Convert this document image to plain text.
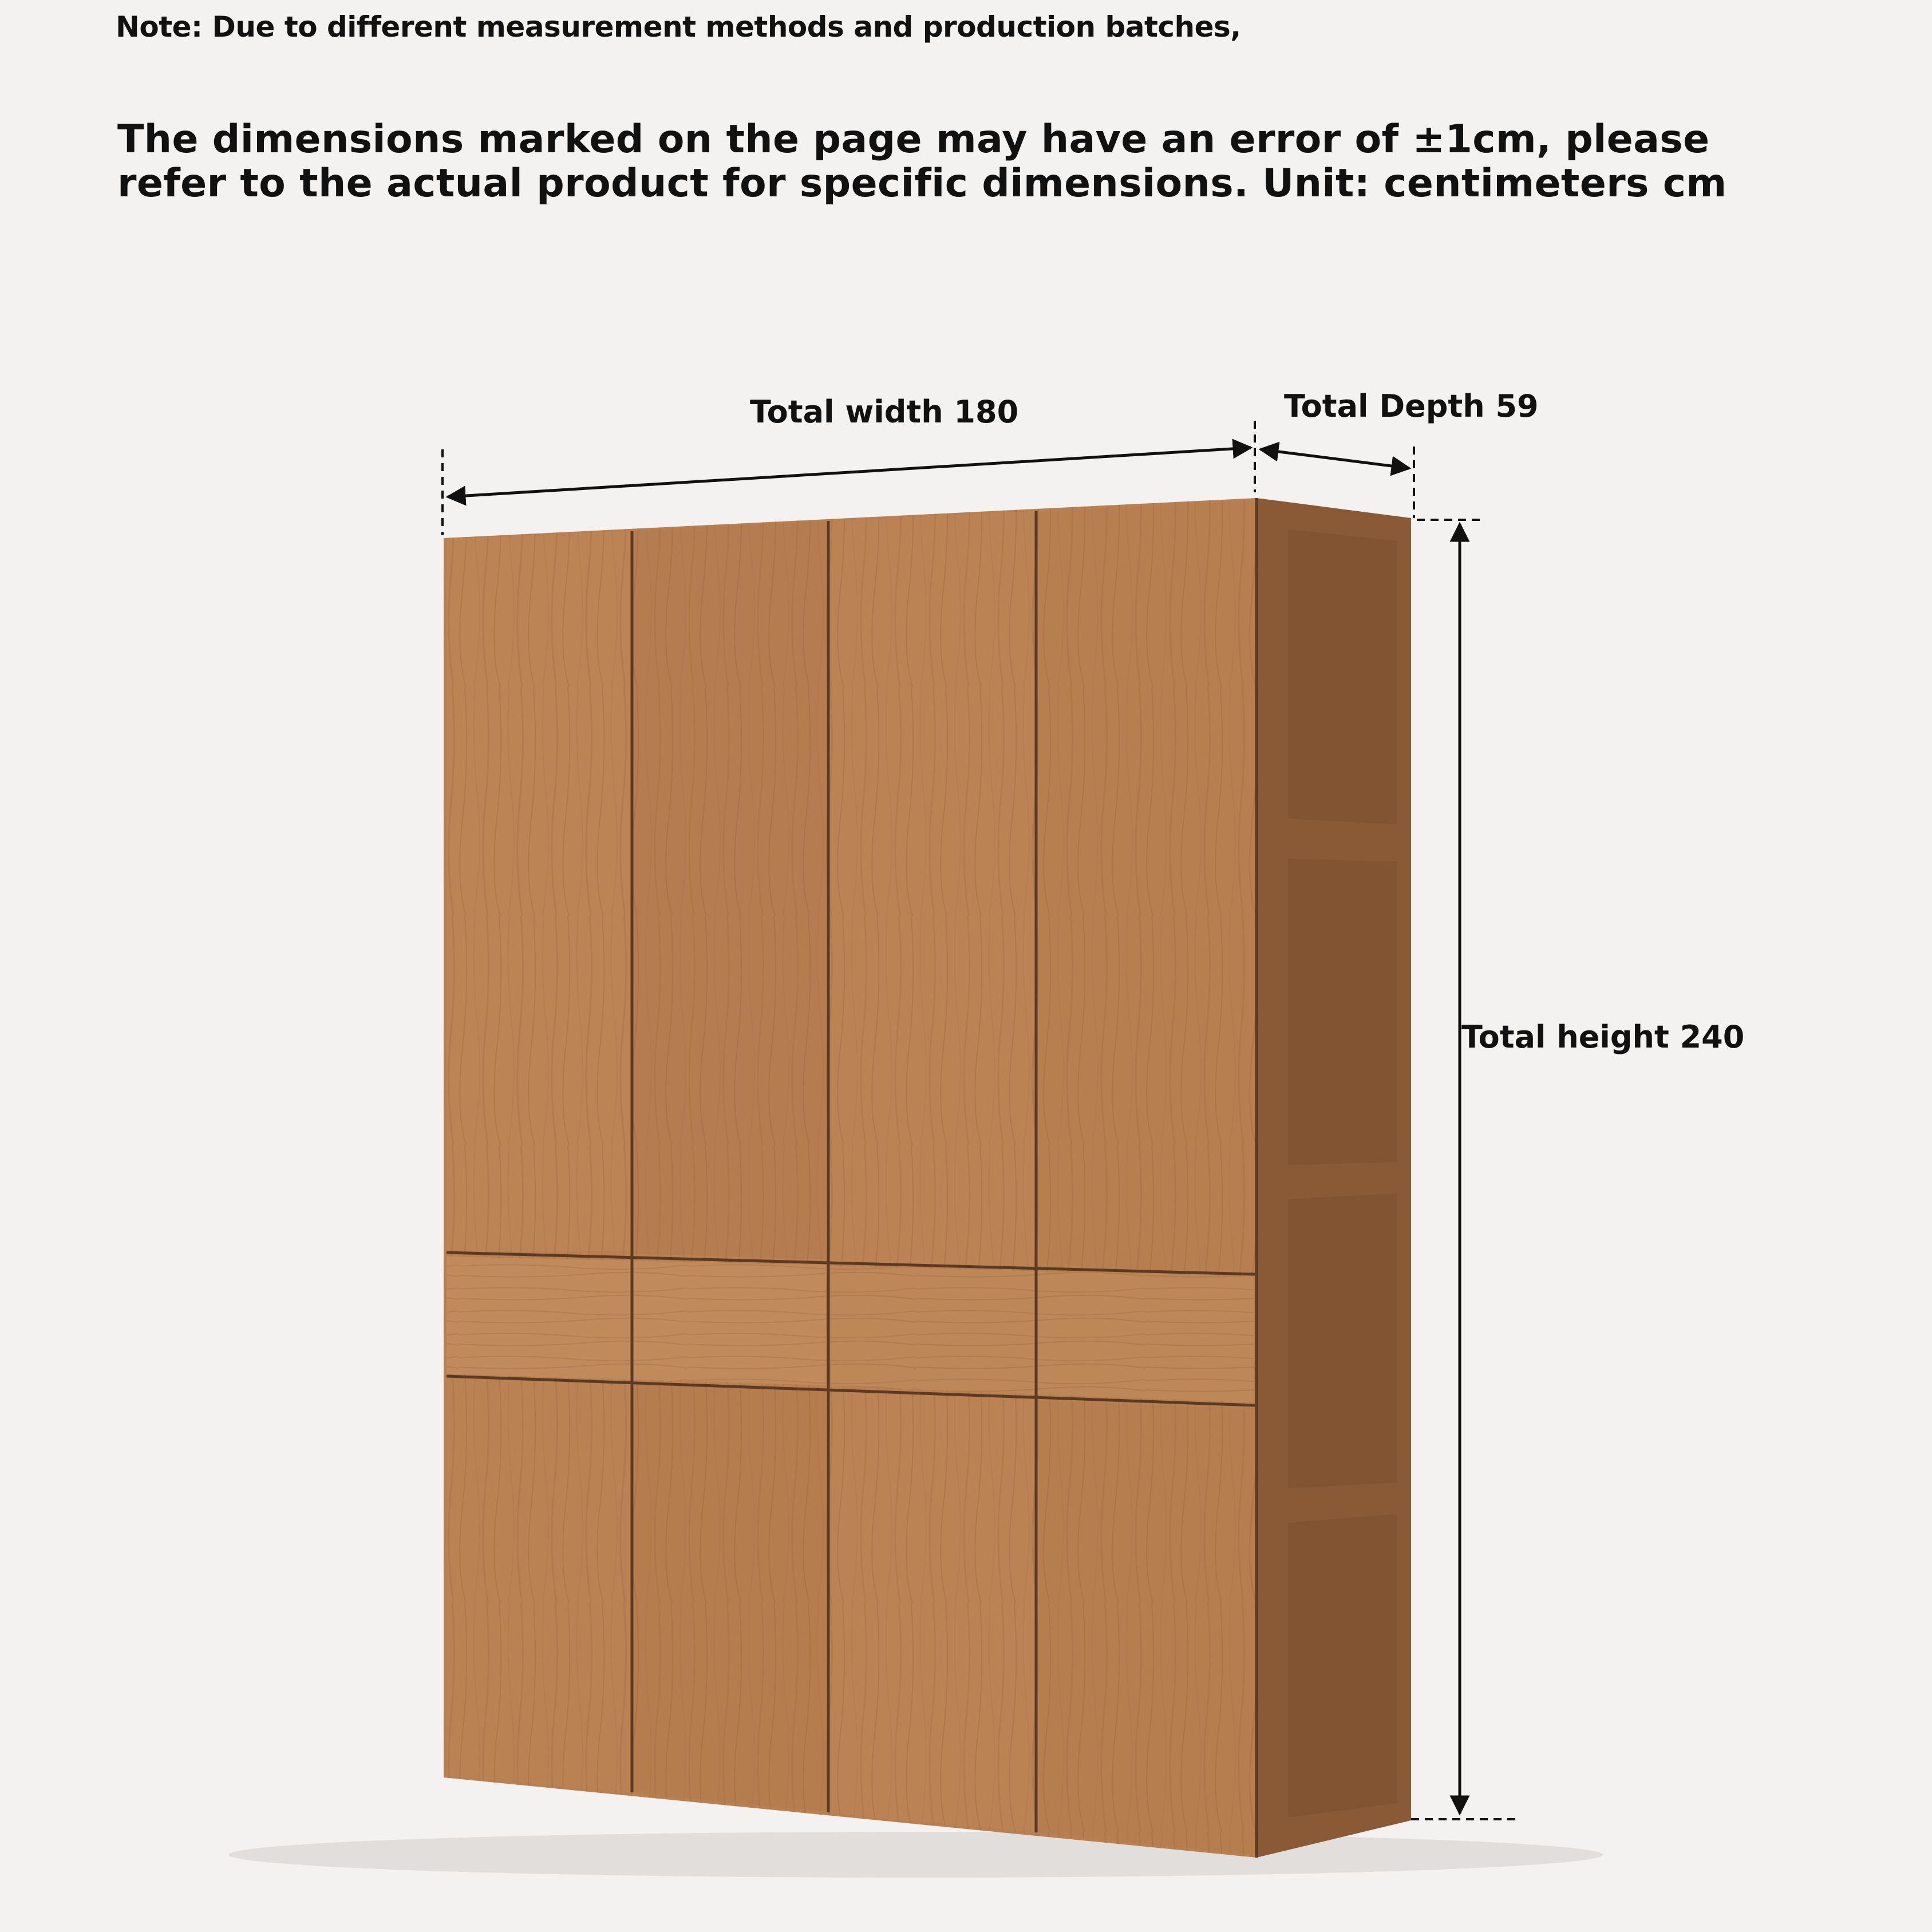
Note: Due to different measurement methods and production batches,
The dimensions marked on the page may have an error of ±1cm, please
refer to the actual product for specific dimensions. Unit: centimeters cm
Total width 180	Total Depth 59
Total height 240
